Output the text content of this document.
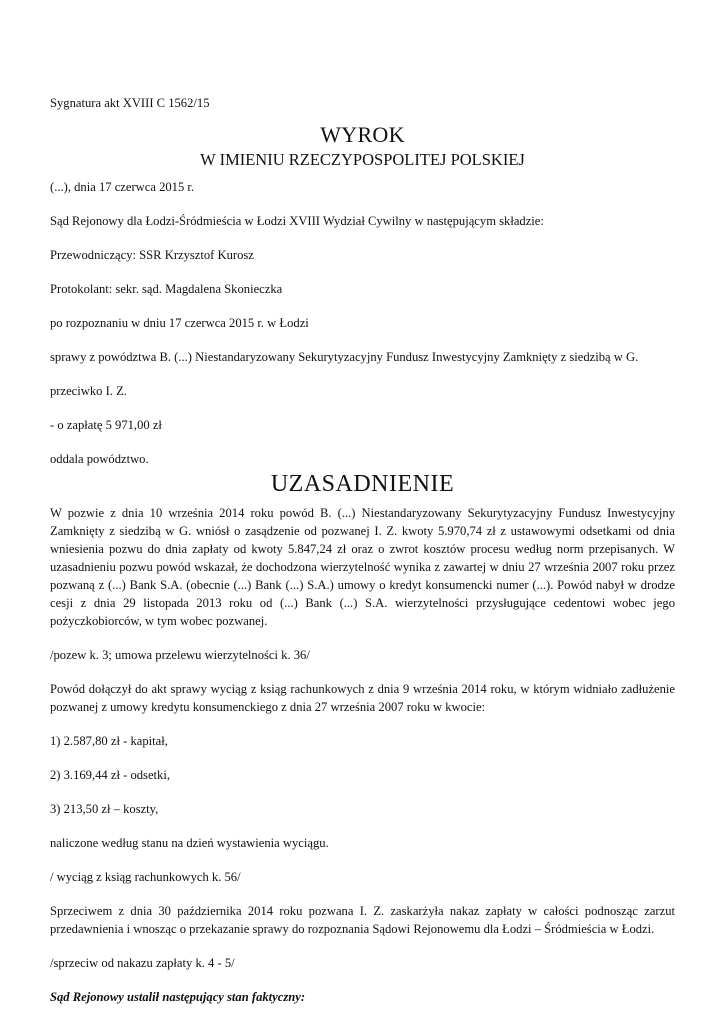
Sygnatura akt XVIII C 1562/15

WYROK
W IMIENIU RZECZYPOSPOLITEJ POLSKIEJ

(...), dnia 17 czerwca 2015 r.

Sąd Rejonowy dla Łodzi-Śródmieścia w Łodzi XVIII Wydział Cywilny w następującym składzie:

Przewodniczący: SSR Krzysztof Kurosz

Protokolant: sekr. sąd. Magdalena Skonieczka

po rozpoznaniu w dniu 17 czerwca 2015 r. w Łodzi

sprawy z powództwa B. (...) Niestandaryzowany Sekurytyzacyjny Fundusz Inwestycyjny Zamknięty z siedzibą w G.

przeciwko I. Z.

- o zapłatę 5 971,00 zł

oddala powództwo.

UZASADNIENIE

W pozwie z dnia 10 września 2014 roku powód B. (...) Niestandaryzowany Sekurytyzacyjny Fundusz Inwestycyjny Zamknięty z siedzibą w G. wniósł o zasądzenie od pozwanej I. Z. kwoty 5.970,74 zł z ustawowymi odsetkami od dnia wniesienia pozwu do dnia zapłaty od kwoty 5.847,24 zł oraz o zwrot kosztów procesu według norm przepisanych. W uzasadnieniu pozwu powód wskazał, że dochodzona wierzytelność wynika z zawartej w dniu 27 września 2007 roku przez pozwaną z (...) Bank S.A. (obecnie (...) Bank (...) S.A.) umowy o kredyt konsumencki numer (...). Powód nabył w drodze cesji z dnia 29 listopada 2013 roku od (...) Bank (...) S.A. wierzytelności przysługujące cedentowi wobec jego pożyczkobiorców, w tym wobec pozwanej.

/pozew k. 3; umowa przelewu wierzytelności k. 36/

Powód dołączył do akt sprawy wyciąg z ksiąg rachunkowych z dnia 9 września 2014 roku, w którym widniało zadłużenie pozwanej z umowy kredytu konsumenckiego z dnia 27 września 2007 roku w kwocie:

1) 2.587,80 zł - kapitał,

2) 3.169,44 zł - odsetki,

3) 213,50 zł – koszty,

naliczone według stanu na dzień wystawienia wyciągu.

/ wyciąg z ksiąg rachunkowych k. 56/

Sprzeciwem z dnia 30 października 2014 roku pozwana I. Z. zaskarżyła nakaz zapłaty w całości podnosząc zarzut przedawnienia i wnosząc o przekazanie sprawy do rozpoznania Sądowi Rejonowemu dla Łodzi – Śródmieścia w Łodzi.

/sprzeciw od nakazu zapłaty k. 4 - 5/

Sąd Rejonowy ustalił następujący stan faktyczny:
